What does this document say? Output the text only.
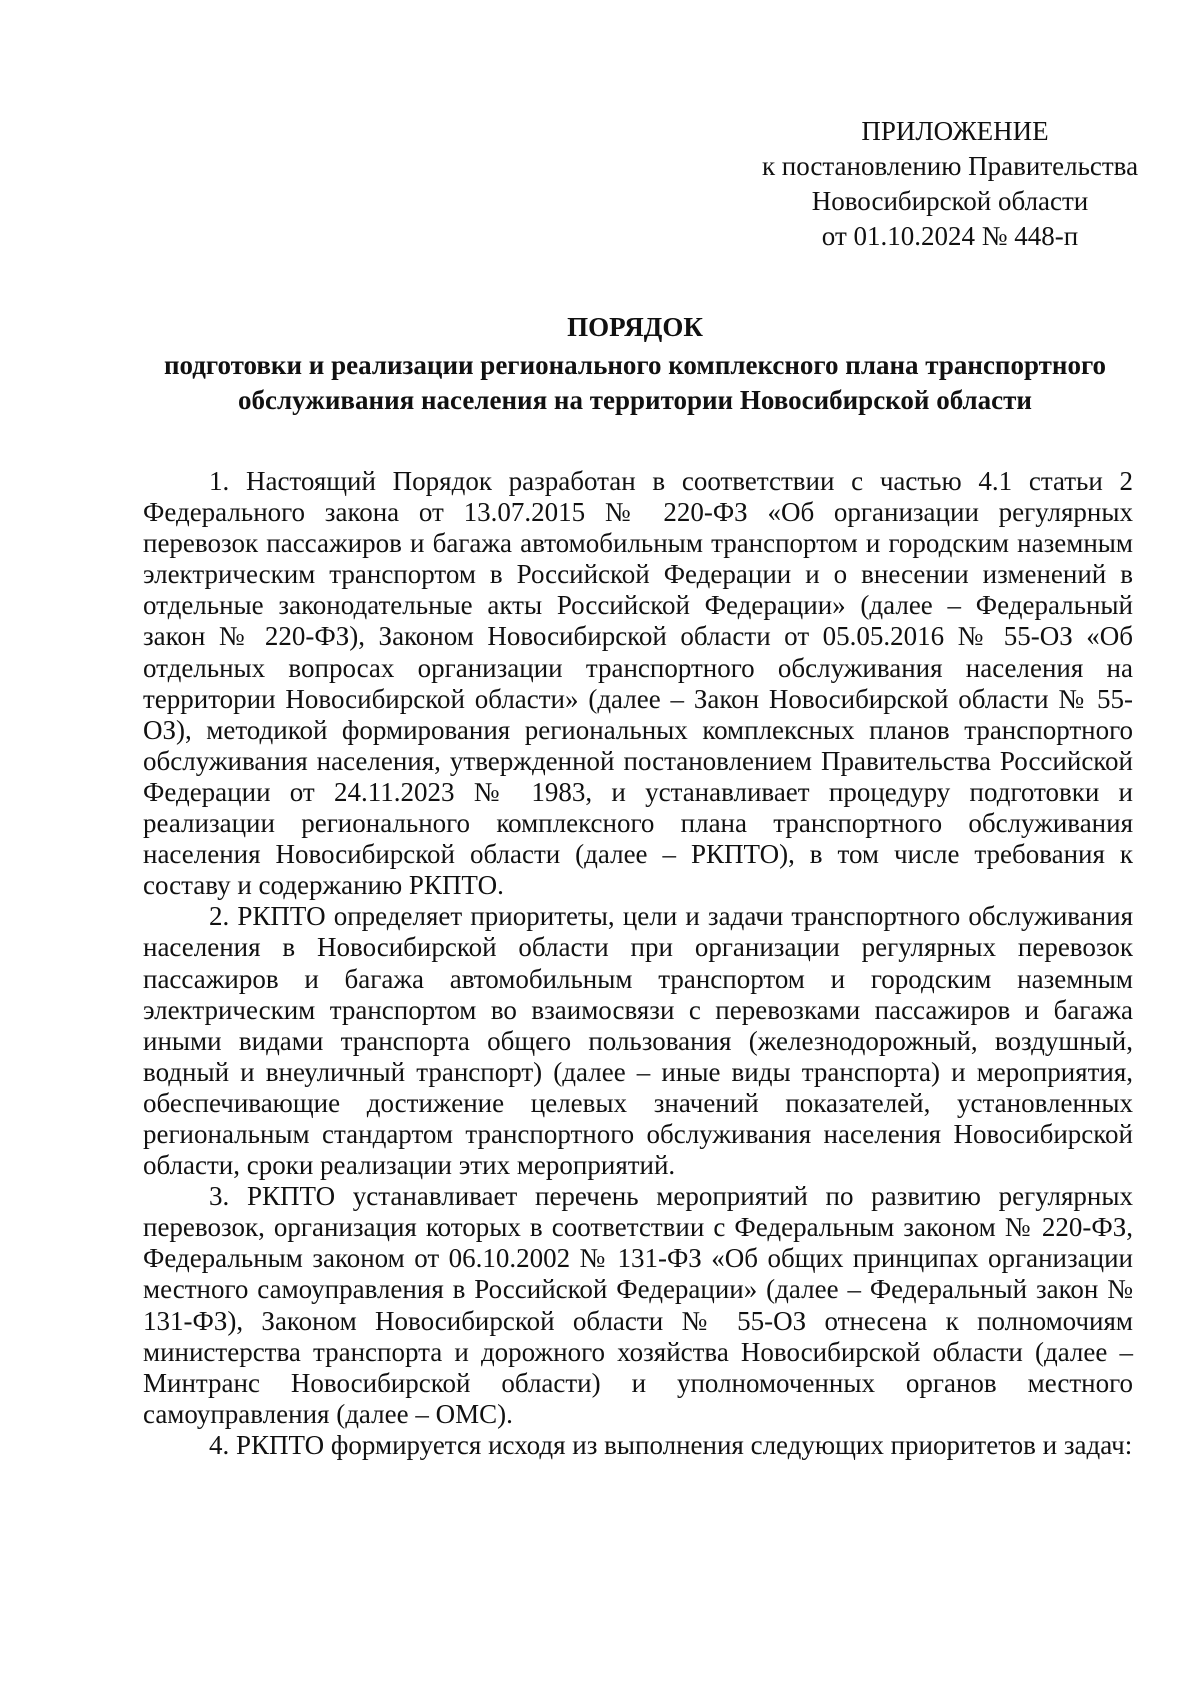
ПРИЛОЖЕНИЕ
к постановлению Правительства
Новосибирской области
от 01.10.2024 № 448-п
ПОРЯДОК
подготовки и реализации регионального комплексного плана транспортного
обслуживания населения на территории Новосибирской области

1. Настоящий Порядок разработан в соответствии с частью 4.1 статьи 2 Федерального закона от 13.07.2015 № 220-ФЗ «Об организации регулярных перевозок пассажиров и багажа автомобильным транспортом и городским наземным электрическим транспортом в Российской Федерации и о внесении изменений в отдельные законодательные акты Российской Федерации» (далее – Федеральный закон № 220-ФЗ), Законом Новосибирской области от 05.05.2016 № 55-ОЗ «Об отдельных вопросах организации транспортного обслуживания населения на территории Новосибирской области» (далее – Закон Новосибирской области № 55-ОЗ), методикой формирования региональных комплексных планов транспортного обслуживания населения, утвержденной постановлением Правительства Российской Федерации от 24.11.2023 № 1983, и устанавливает процедуру подготовки и реализации регионального комплексного плана транспортного обслуживания населения Новосибирской области (далее – РКПТО), в том числе требования к составу и содержанию РКПТО.

2. РКПТО определяет приоритеты, цели и задачи транспортного обслуживания населения в Новосибирской области при организации регулярных перевозок пассажиров и багажа автомобильным транспортом и городским наземным электрическим транспортом во взаимосвязи с перевозками пассажиров и багажа иными видами транспорта общего пользования (железнодорожный, воздушный, водный и внеуличный транспорт) (далее – иные виды транспорта) и мероприятия, обеспечивающие достижение целевых значений показателей, установленных региональным стандартом транспортного обслуживания населения Новосибирской области, сроки реализации этих мероприятий.

3. РКПТО устанавливает перечень мероприятий по развитию регулярных перевозок, организация которых в соответствии с Федеральным законом № 220-ФЗ, Федеральным законом от 06.10.2002 № 131-ФЗ «Об общих принципах организации местного самоуправления в Российской Федерации» (далее – Федеральный закон № 131-ФЗ), Законом Новосибирской области № 55-ОЗ отнесена к полномочиям министерства транспорта и дорожного хозяйства Новосибирской области (далее – Минтранс Новосибирской области) и уполномоченных органов местного самоуправления (далее – ОМС).

4. РКПТО формируется исходя из выполнения следующих приоритетов и задач:
